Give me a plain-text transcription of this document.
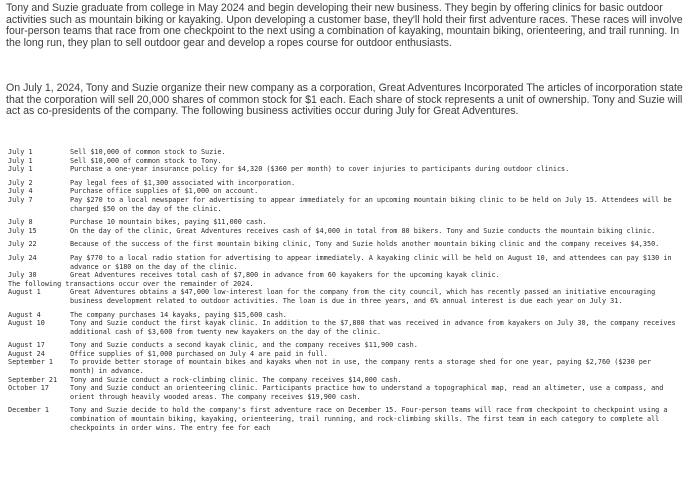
Tony and Suzie graduate from college in May 2024 and begin developing their new business. They begin by offering clinics for basic outdoor activities such as mountain biking or kayaking. Upon developing a customer base, they'll hold their first adventure races. These races will involve four-person teams that race from one checkpoint to the next using a combination of kayaking, mountain biking, orienteering, and trail running. In the long run, they plan to sell outdoor gear and develop a ropes course for outdoor enthusiasts.
On July 1, 2024, Tony and Suzie organize their new company as a corporation, Great Adventures Incorporated The articles of incorporation state that the corporation will sell 20,000 shares of common stock for $1 each. Each share of stock represents a unit of ownership. Tony and Suzie will act as co-presidents of the company. The following business activities occur during July for Great Adventures.
July 1	Sell $10,000 of common stock to Suzie.
July 1	Sell $10,000 of common stock to Tony.
July 1	Purchase a one-year insurance policy for $4,320 ($360 per month) to cover injuries to participants during outdoor clinics.
July 2	Pay legal fees of $1,300 associated with incorporation.
July 4	Purchase office supplies of $1,000 on account.
July 7	Pay $270 to a local newspaper for advertising to appear immediately for an upcoming mountain biking clinic to be held on July 15. Attendees will be charged $50 on the day of the clinic.
July 8	Purchase 10 mountain bikes, paying $11,000 cash.
July 15	On the day of the clinic, Great Adventures receives cash of $4,000 in total from 80 bikers. Tony and Suzie conducts the mountain biking clinic.
July 22	Because of the success of the first mountain biking clinic, Tony and Suzie holds another mountain biking clinic and the company receives $4,350.
July 24	Pay $770 to a local radio station for advertising to appear immediately. A kayaking clinic will be held on August 10, and attendees can pay $130 in advance or $180 on the day of the clinic.
July 30	Great Adventures receives total cash of $7,800 in advance from 60 kayakers for the upcoming kayak clinic.
The following transactions occur over the remainder of 2024.
August 1	Great Adventures obtains a $47,000 low-interest loan for the company from the city council, which has recently passed an initiative encouraging business development related to outdoor activities. The loan is due in three years, and 6% annual interest is due each year on July 31.
August 4	The company purchases 14 kayaks, paying $15,600 cash.
August 10	Tony and Suzie conduct the first kayak clinic. In addition to the $7,800 that was received in advance from kayakers on July 30, the company receives additional cash of $3,600 from twenty new kayakers on the day of the clinic.
August 17	Tony and Suzie conducts a second kayak clinic, and the company receives $11,900 cash.
August 24	Office supplies of $1,000 purchased on July 4 are paid in full.
September 1	To provide better storage of mountain bikes and kayaks when not in use, the company rents a storage shed for one year, paying $2,760 ($230 per month) in advance.
September 21	Tony and Suzie conduct a rock-climbing clinic. The company receives $14,000 cash.
October 17	Tony and Suzie conduct an orienteering clinic. Participants practice how to understand a topographical map, read an altimeter, use a compass, and orient through heavily wooded areas. The company receives $19,900 cash.
December 1	Tony and Suzie decide to hold the company's first adventure race on December 15. Four-person teams will race from checkpoint to checkpoint using a combination of mountain biking, kayaking, orienteering, trail running, and rock-climbing skills. The first team in each category to complete all checkpoints in order wins. The entry fee for each
